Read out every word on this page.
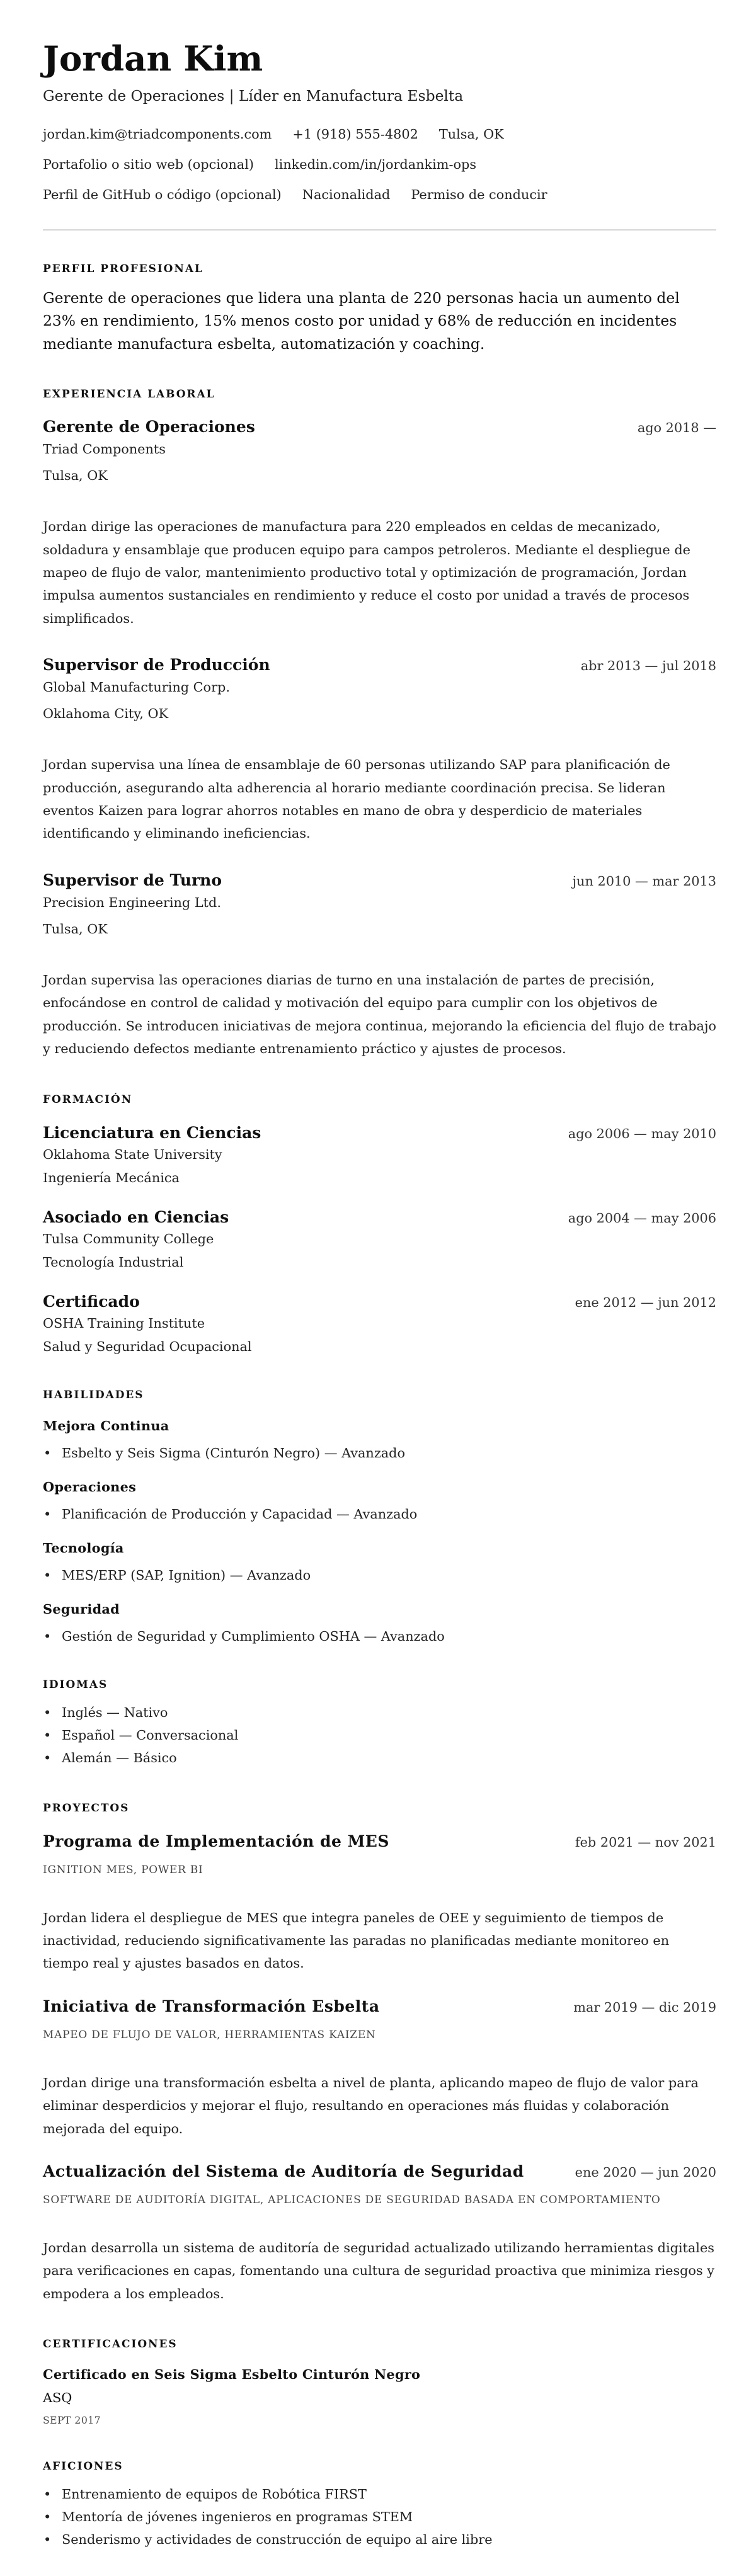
Jordan Kim
Gerente de Operaciones | Líder en Manufactura Esbelta
jordan.kim@triadcomponents.com +1 (918) 555-4802 Tulsa, OK
Portafolio o sitio web (opcional) linkedin.com/in/jordankim-ops
Perfil de GitHub o código (opcional) Nacionalidad Permiso de conducir
PERFIL PROFESIONAL

Gerente de operaciones que lidera una planta de 220 personas hacia un aumento del 23% en rendimiento, 15% menos costo por unidad y 68% de reducción en incidentes mediante manufactura esbelta, automatización y coaching.

EXPERIENCIA LABORAL
Gerente de Operaciones	ago 2018 —
Triad Components
Tulsa, OK

Jordan dirige las operaciones de manufactura para 220 empleados en celdas de mecanizado, soldadura y ensamblaje que producen equipo para campos petroleros. Mediante el despliegue de mapeo de flujo de valor, mantenimiento productivo total y optimización de programación, Jordan impulsa aumentos sustanciales en rendimiento y reduce el costo por unidad a través de procesos simplificados.

Supervisor de Producción	abr 2013 — jul 2018
Global Manufacturing Corp.
Oklahoma City, OK

Jordan supervisa una línea de ensamblaje de 60 personas utilizando SAP para planificación de producción, asegurando alta adherencia al horario mediante coordinación precisa. Se lideran eventos Kaizen para lograr ahorros notables en mano de obra y desperdicio de materiales identificando y eliminando ineficiencias.

Supervisor de Turno	jun 2010 — mar 2013
Precision Engineering Ltd.
Tulsa, OK

Jordan supervisa las operaciones diarias de turno en una instalación de partes de precisión, enfocándose en control de calidad y motivación del equipo para cumplir con los objetivos de producción. Se introducen iniciativas de mejora continua, mejorando la eficiencia del flujo de trabajo y reduciendo defectos mediante entrenamiento práctico y ajustes de procesos.

FORMACIÓN
Licenciatura en Ciencias	ago 2006 — may 2010
Oklahoma State University
Ingeniería Mecánica
Asociado en Ciencias	ago 2004 — may 2006
Tulsa Community College
Tecnología Industrial
Certificado	ene 2012 — jun 2012
OSHA Training Institute
Salud y Seguridad Ocupacional
HABILIDADES
Mejora Continua
• Esbelto y Seis Sigma (Cinturón Negro) — Avanzado
Operaciones
• Planificación de Producción y Capacidad — Avanzado
Tecnología
• MES/ERP (SAP, Ignition) — Avanzado
Seguridad
• Gestión de Seguridad y Cumplimiento OSHA — Avanzado
IDIOMAS
• Inglés — Nativo
• Español — Conversacional
• Alemán — Básico
PROYECTOS
Programa de Implementación de MES	feb 2021 — nov 2021
IGNITION MES, POWER BI

Jordan lidera el despliegue de MES que integra paneles de OEE y seguimiento de tiempos de inactividad, reduciendo significativamente las paradas no planificadas mediante monitoreo en tiempo real y ajustes basados en datos.

Iniciativa de Transformación Esbelta	mar 2019 — dic 2019
MAPEO DE FLUJO DE VALOR, HERRAMIENTAS KAIZEN

Jordan dirige una transformación esbelta a nivel de planta, aplicando mapeo de flujo de valor para eliminar desperdicios y mejorar el flujo, resultando en operaciones más fluidas y colaboración mejorada del equipo.

Actualización del Sistema de Auditoría de Seguridad	ene 2020 — jun 2020
SOFTWARE DE AUDITORÍA DIGITAL, APLICACIONES DE SEGURIDAD BASADA EN COMPORTAMIENTO

Jordan desarrolla un sistema de auditoría de seguridad actualizado utilizando herramientas digitales para verificaciones en capas, fomentando una cultura de seguridad proactiva que minimiza riesgos y empodera a los empleados.

CERTIFICACIONES
Certificado en Seis Sigma Esbelto Cinturón Negro
ASQ
SEPT 2017
AFICIONES
• Entrenamiento de equipos de Robótica FIRST
• Mentoría de jóvenes ingenieros en programas STEM
• Senderismo y actividades de construcción de equipo al aire libre
